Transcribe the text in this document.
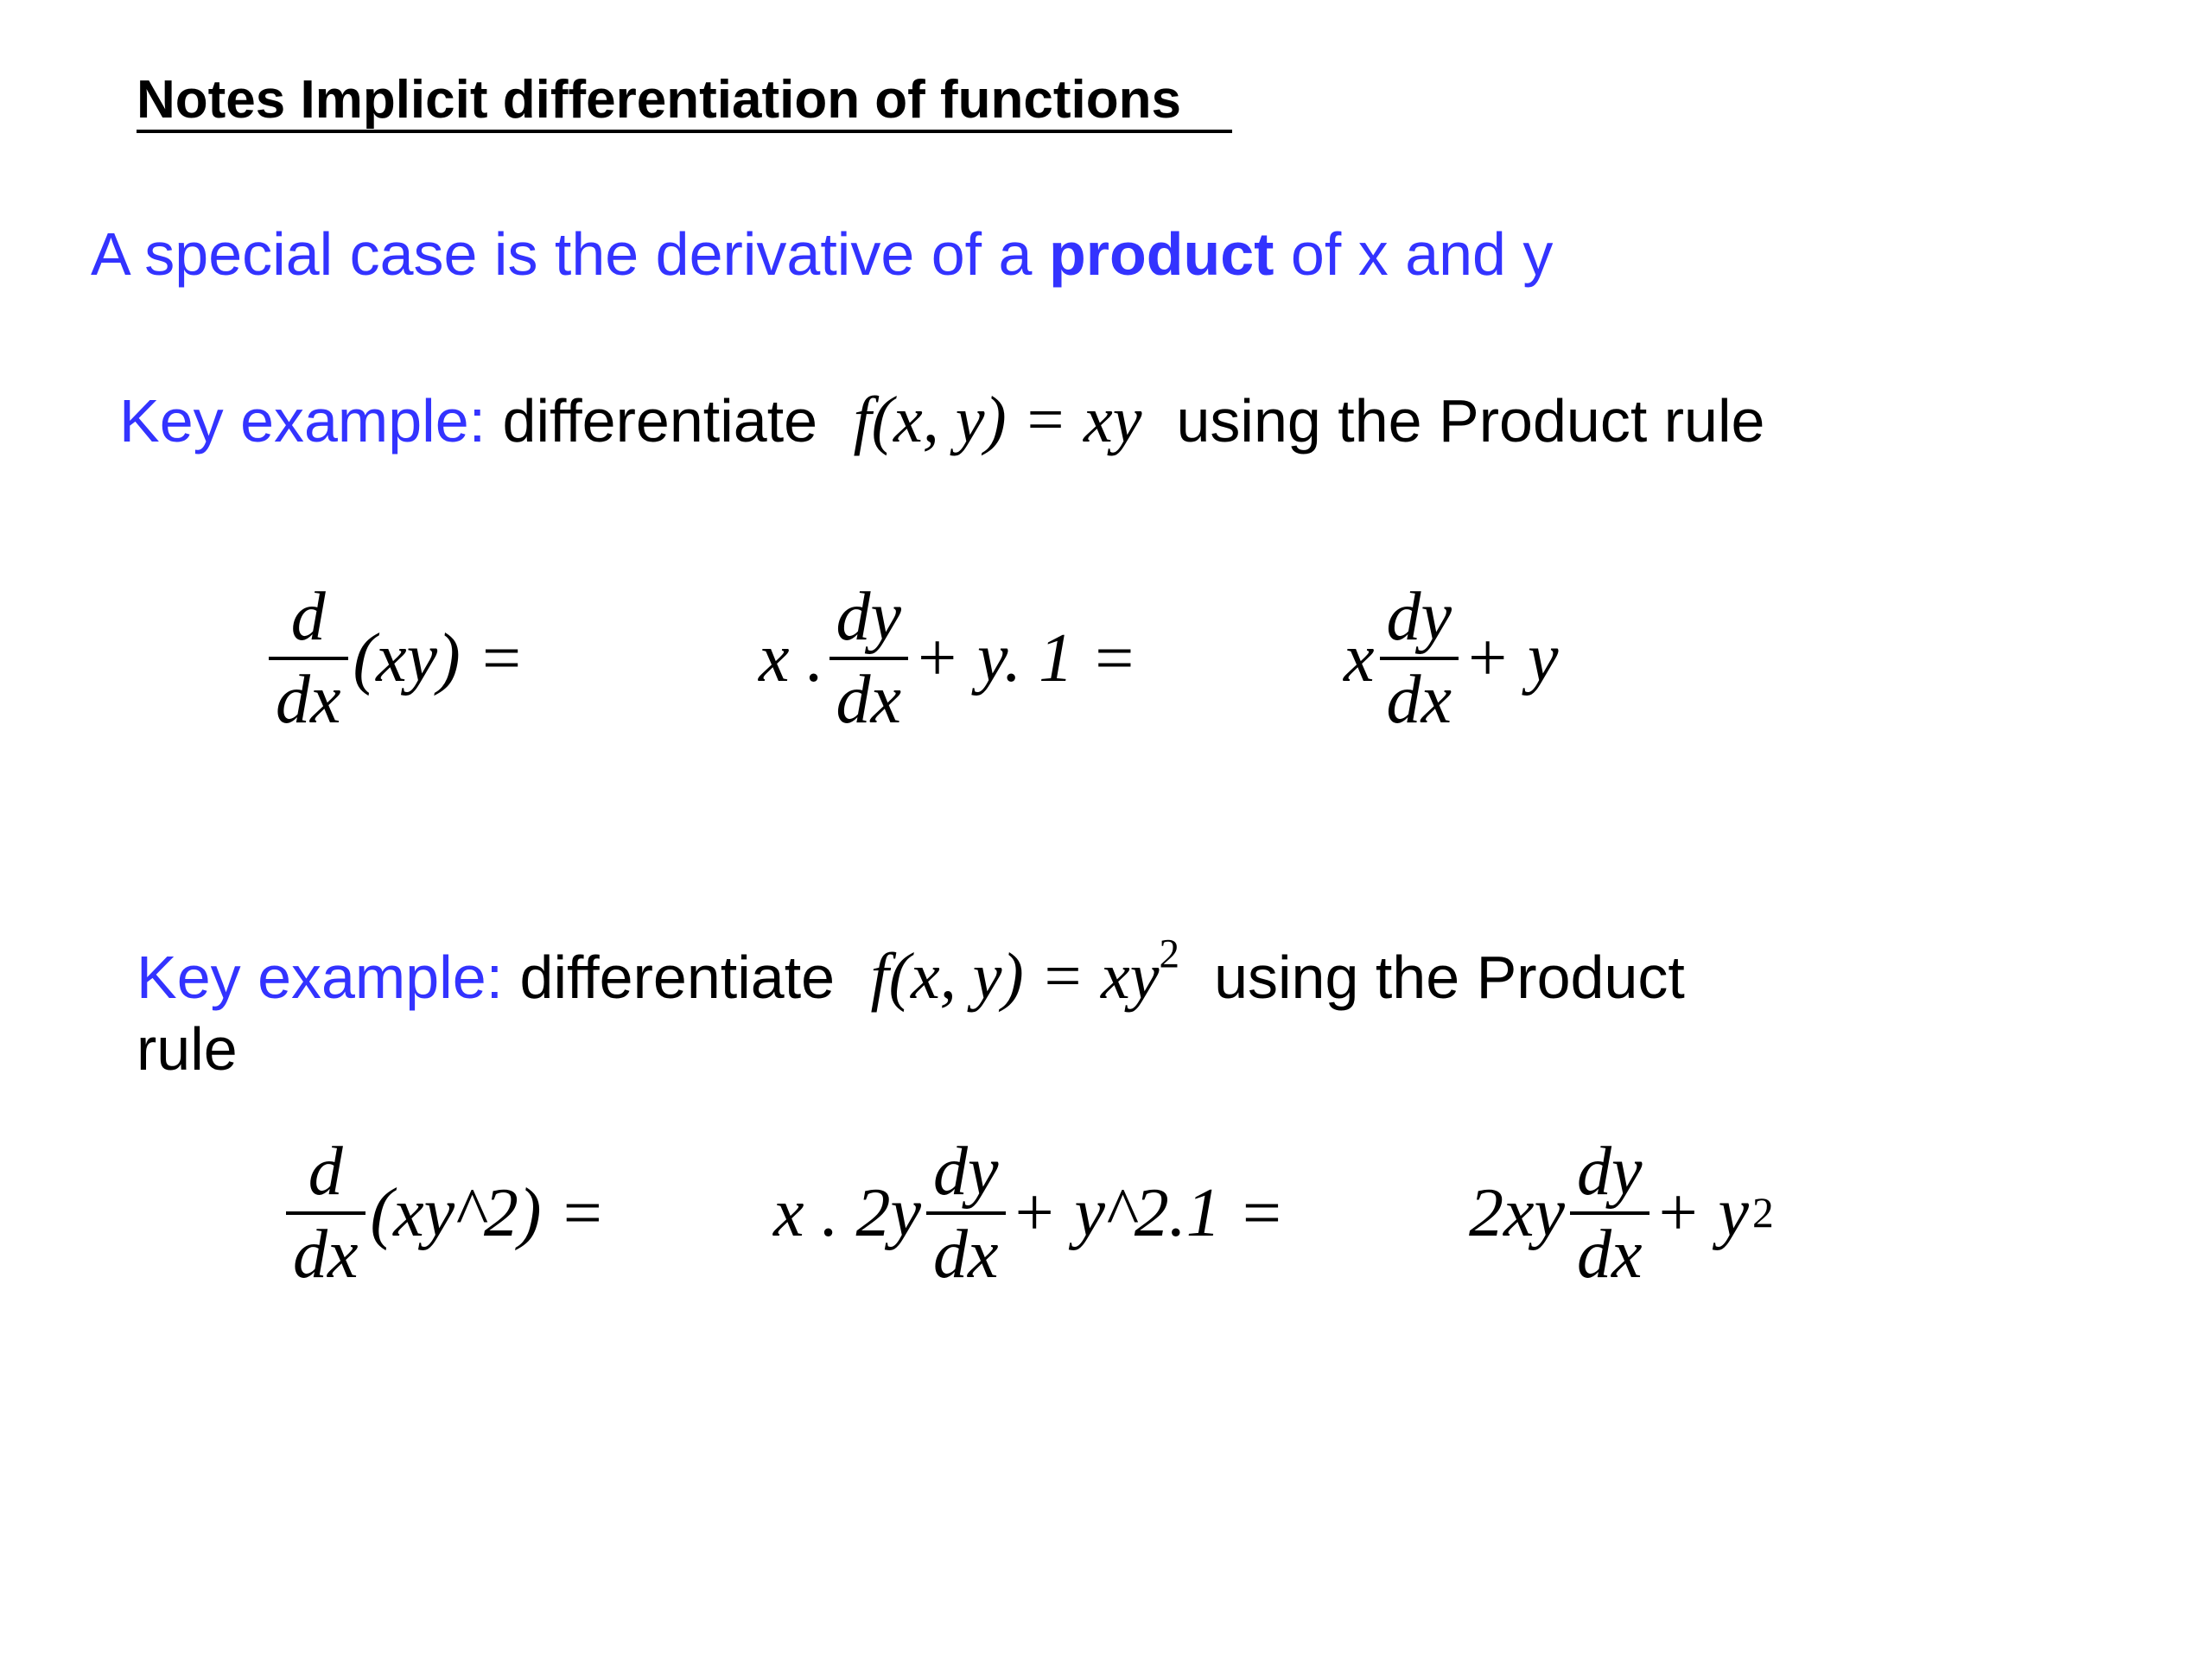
Notes Implicit differentiation of functions
A special case is the derivative of a product of x and y
Key example: differentiate f(x, y) = xy using the Product rule
$\frac{d}{dx} (xy)$ =	x . $\frac{dy}{dx} + y$. 1 =	x $\frac{dy}{dx} + y$
Key example: differentiate f(x, $y) = xy^2$ using the Product
rule
$\frac{d}{dx}$ (xy^2) = x . $2y \frac{dy}{dx}$ + y^2.1 =	$2xy \frac{dy}{dx} + y$ 2
